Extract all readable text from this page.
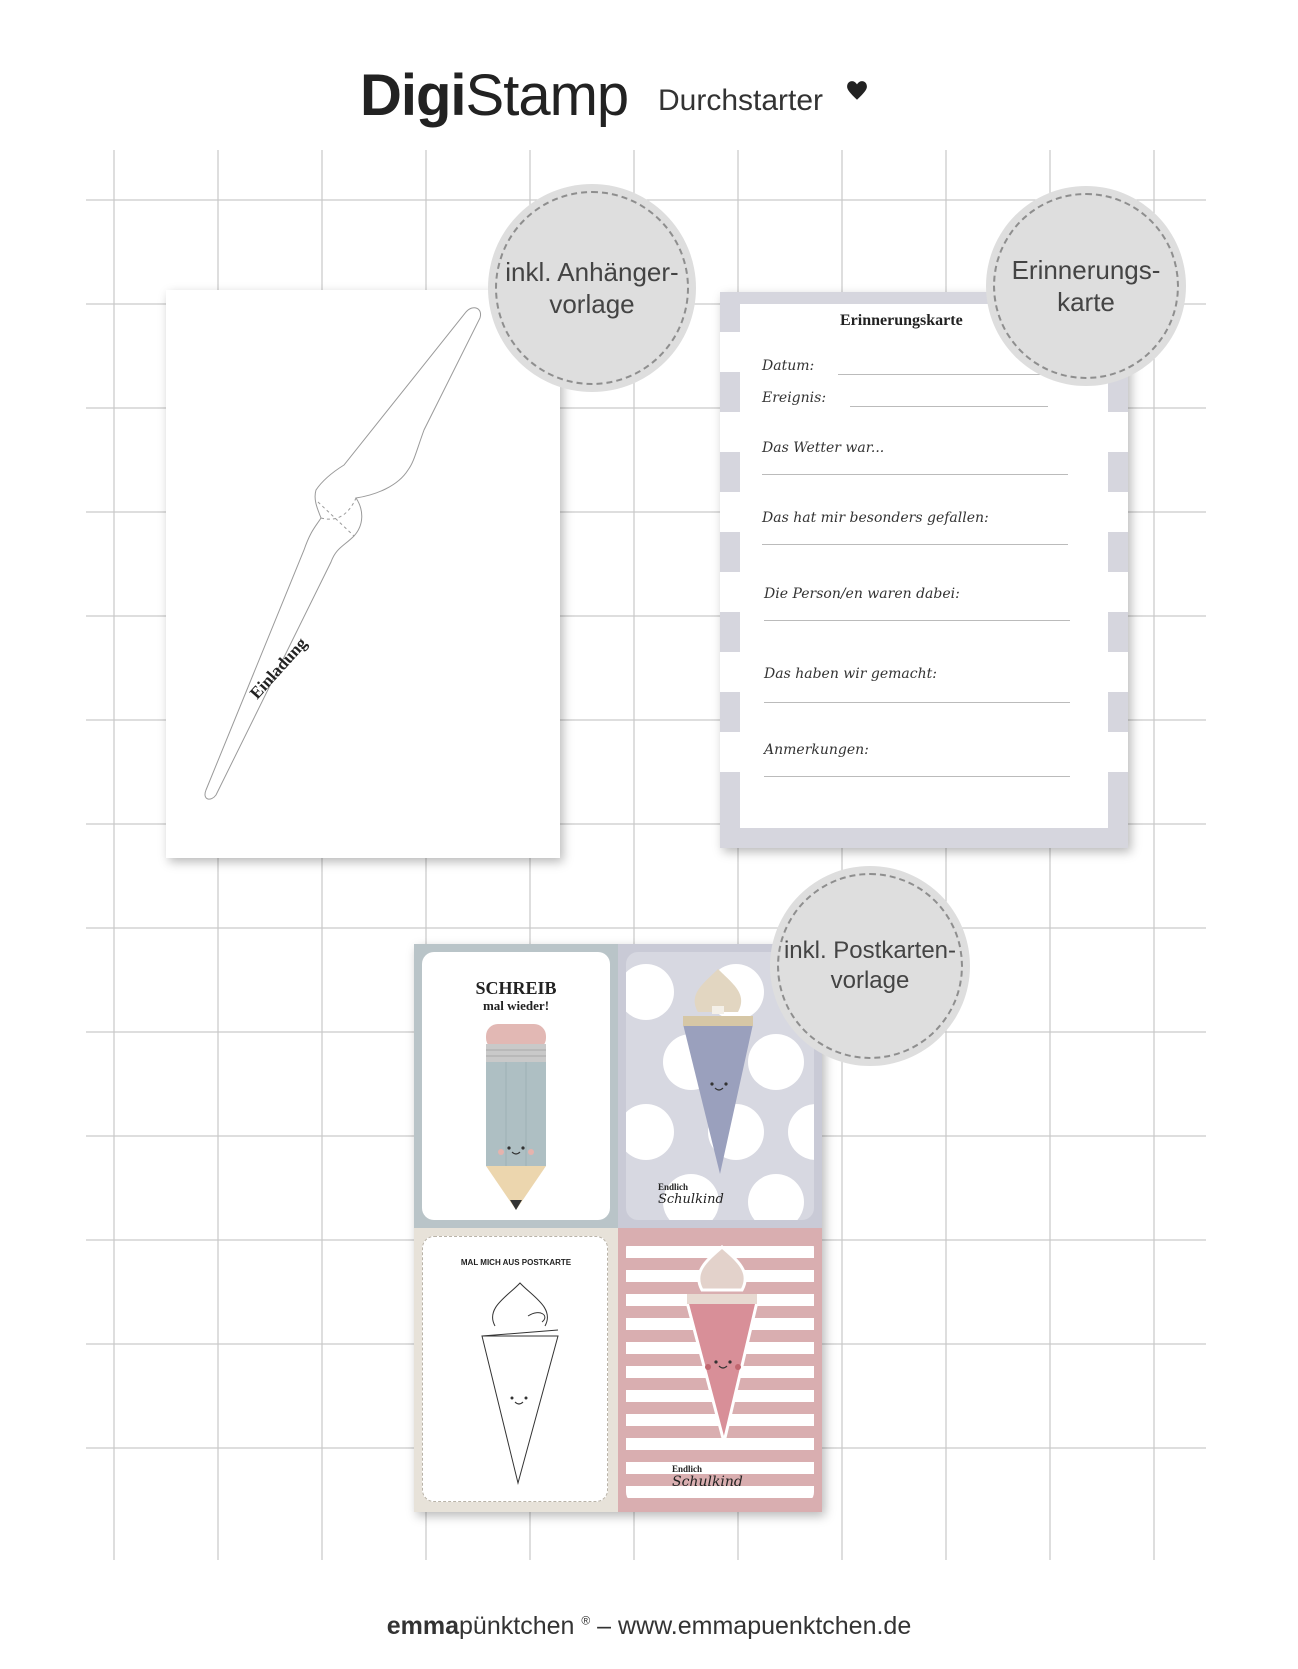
DigiStamp Durchstarter
Einladung
Erinnerungskarte
Datum:
Ereignis:
Das Wetter war...
Das hat mir besonders gefallen:
Die Person/en waren dabei:
Das haben wir gemacht:
Anmerkungen:
SCHREIB
mal wieder!
Endlich
Schulkind
MAL MICH AUS POSTKARTE
Endlich
Schulkind
inkl. Anhänger-
vorlage
Erinnerungs-
karte
inkl. Postkarten-
vorlage
emmapünktchen ® – www.emmapuenktchen.de
